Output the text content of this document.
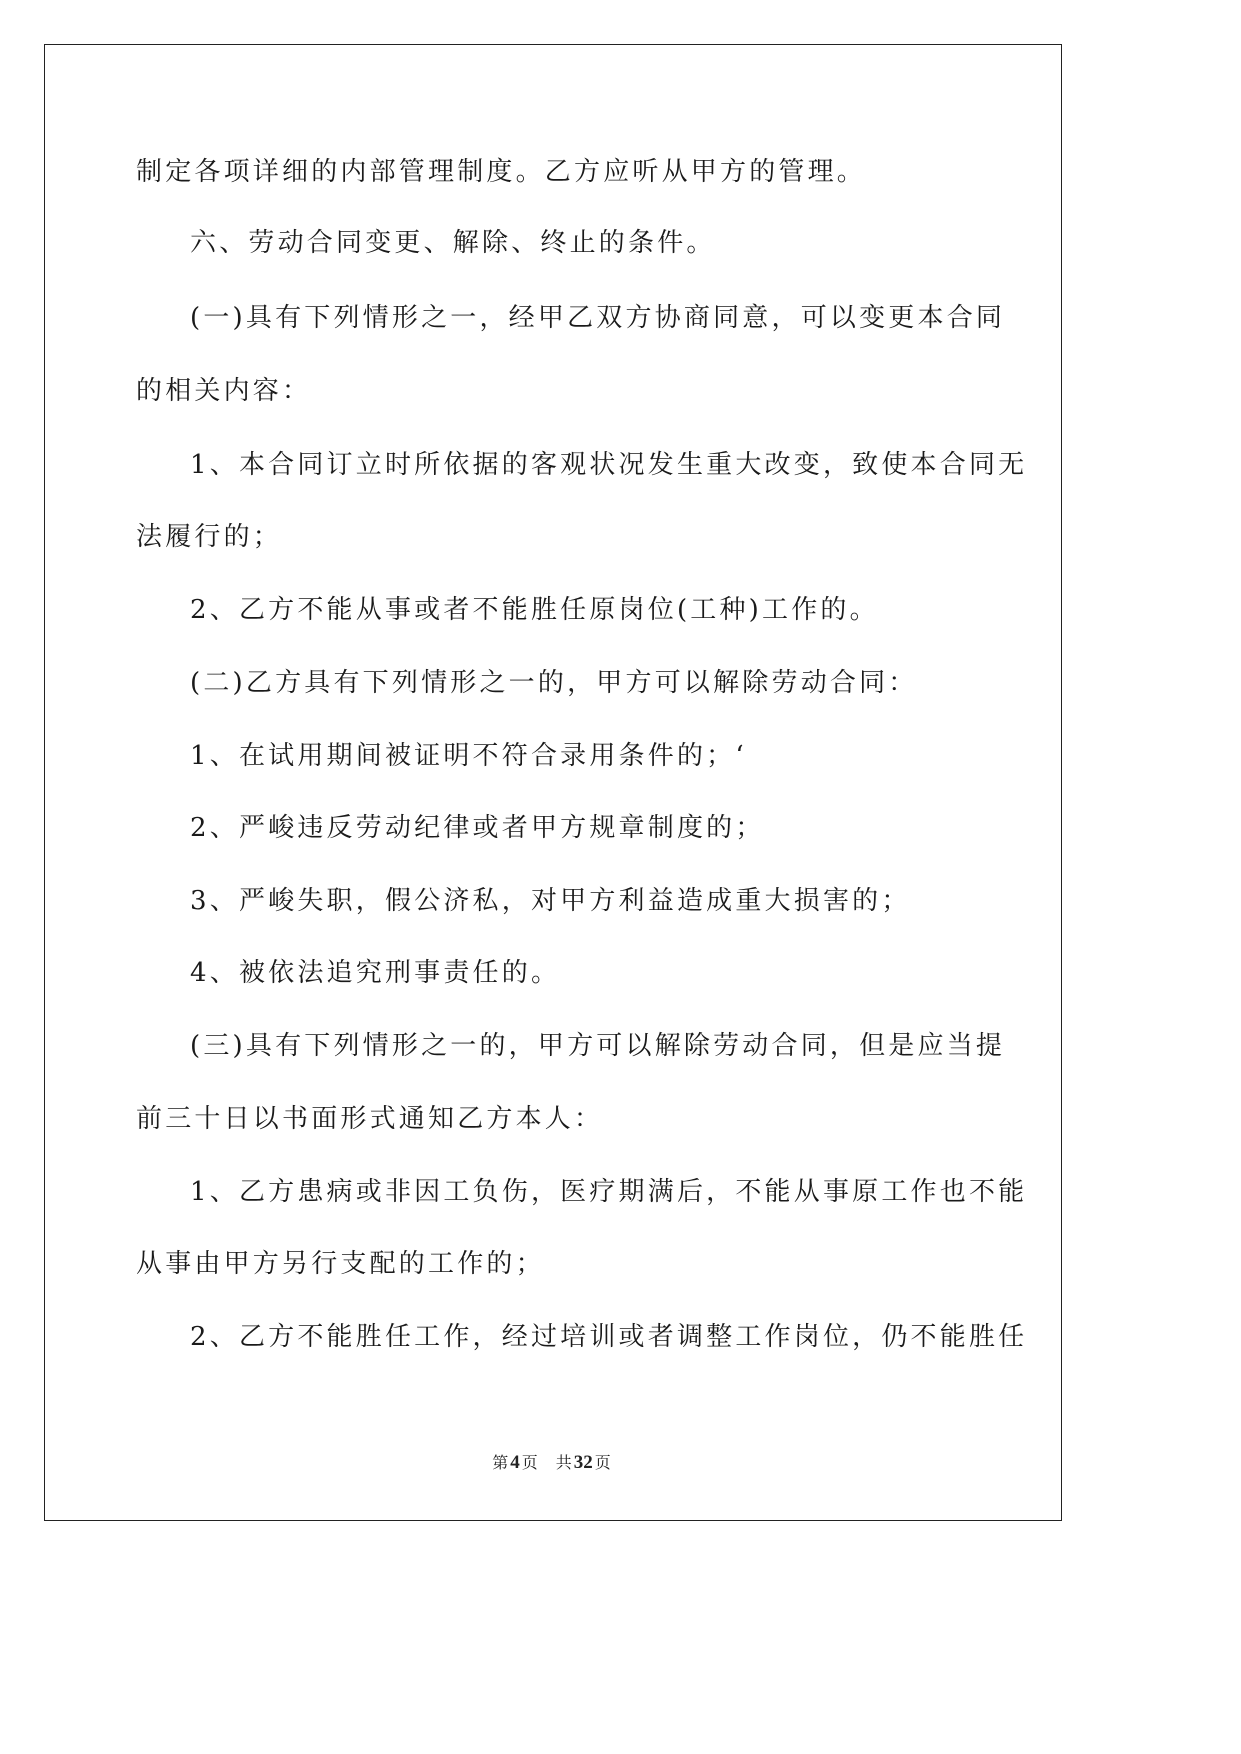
制定各项详细的内部管理制度。乙方应听从甲方的管理。
六、劳动合同变更、解除、终止的条件。
(一)具有下列情形之一，经甲乙双方协商同意，可以变更本合同
的相关内容：
1、本合同订立时所依据的客观状况发生重大改变，致使本合同无
法履行的；
2、乙方不能从事或者不能胜任原岗位(工种)工作的。
(二)乙方具有下列情形之一的，甲方可以解除劳动合同：
1、在试用期间被证明不符合录用条件的；‘
2、严峻违反劳动纪律或者甲方规章制度的；
3、严峻失职，假公济私，对甲方利益造成重大损害的；
4、被依法追究刑事责任的。
(三)具有下列情形之一的，甲方可以解除劳动合同，但是应当提
前三十日以书面形式通知乙方本人：
1、乙方患病或非因工负伤，医疗期满后，不能从事原工作也不能
从事由甲方另行支配的工作的；
2、乙方不能胜任工作，经过培训或者调整工作岗位，仍不能胜任
第 4 页 共 32 页
